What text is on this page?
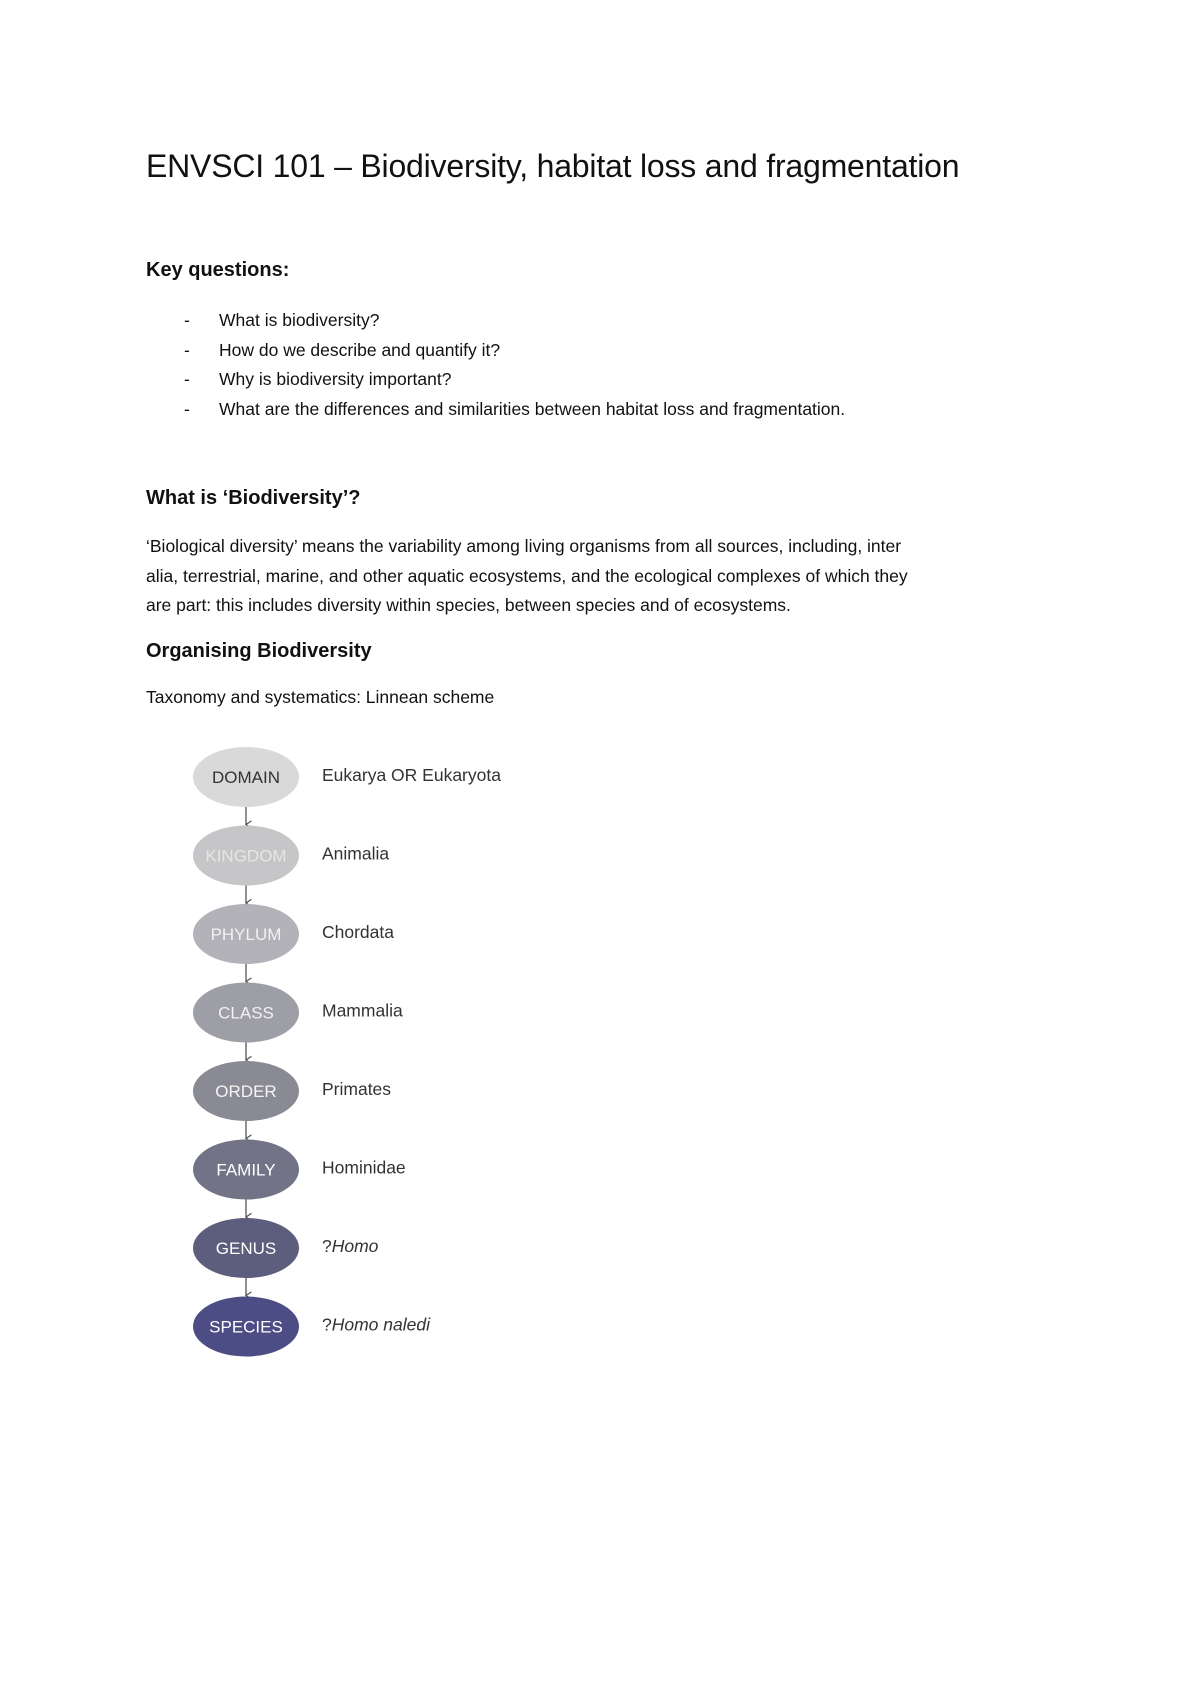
ENVSCI 101 – Biodiversity, habitat loss and fragmentation
Key questions:
- What is biodiversity?
- How do we describe and quantify it?
- Why is biodiversity important?
- What are the differences and similarities between habitat loss and fragmentation.
What is ‘Biodiversity’?

‘Biological diversity’ means the variability among living organisms from all sources, including, inter
alia, terrestrial, marine, and other aquatic ecosystems, and the ecological complexes of which they
are part: this includes diversity within species, between species and of ecosystems.

Organising Biodiversity

Taxonomy and systematics: Linnean scheme

DOMAIN Eukarya OR Eukaryota
KINGDOM Animalia
PHYLUM Chordata
CLASS	Mammalia
ORDER	Primates
FAMILY	Hominidae
GENUS	?Homo
SPECIES ?Homo naledi
